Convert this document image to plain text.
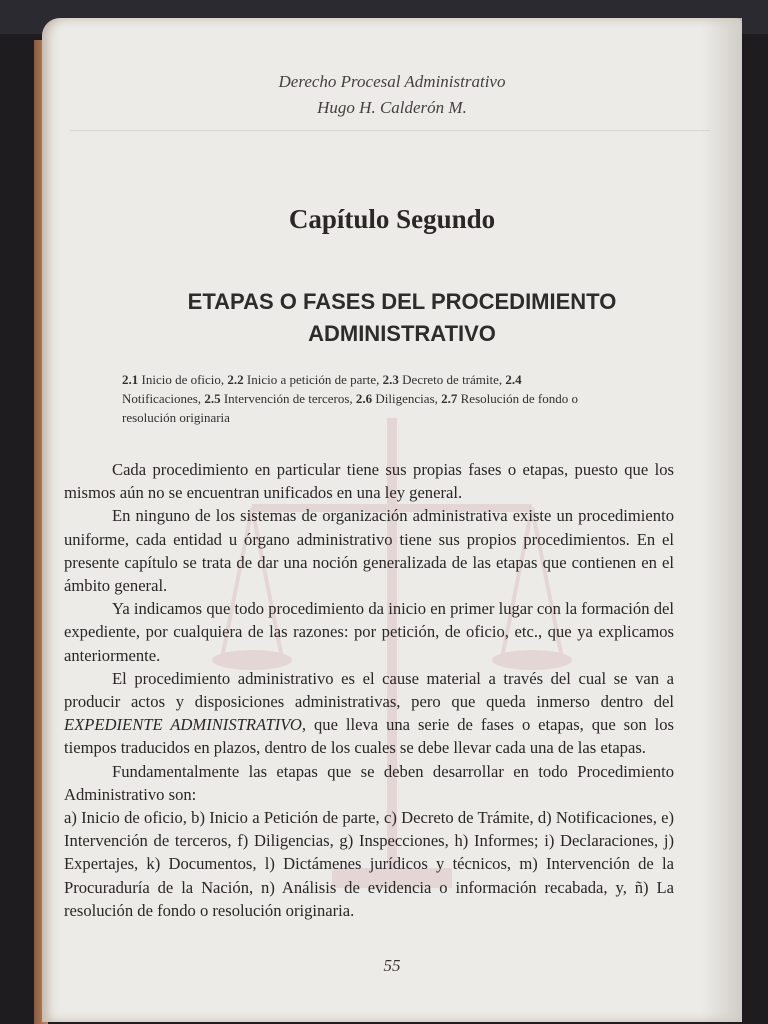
Derecho Procesal Administrativo
Hugo H. Calderón M.
Capítulo Segundo
ETAPAS O FASES DEL PROCEDIMIENTO
ADMINISTRATIVO
2.1 Inicio de oficio, 2.2 Inicio a petición de parte, 2.3 Decreto de trámite, 2.4 Notificaciones, 2.5 Intervención de terceros, 2.6 Diligencias, 2.7 Resolución de fondo o resolución originaria

Cada procedimiento en particular tiene sus propias fases o etapas, puesto que los mismos aún no se encuentran unificados en una ley general.

En ninguno de los sistemas de organización administrativa existe un procedimiento uniforme, cada entidad u órgano administrativo tiene sus propios procedimientos. En el presente capítulo se trata de dar una noción generalizada de las etapas que contienen en el ámbito general.

Ya indicamos que todo procedimiento da inicio en primer lugar con la formación del expediente, por cualquiera de las razones: por petición, de oficio, etc., que ya explicamos anteriormente.

El procedimiento administrativo es el cause material a través del cual se van a producir actos y disposiciones administrativas, pero que queda inmerso dentro del EXPEDIENTE ADMINISTRATIVO, que lleva una serie de fases o etapas, que son los tiempos traducidos en plazos, dentro de los cuales se debe llevar cada una de las etapas.

Fundamentalmente las etapas que se deben desarrollar en todo Procedimiento Administrativo son:

a) Inicio de oficio, b) Inicio a Petición de parte, c) Decreto de Trámite, d) Notificaciones, e) Intervención de terceros, f) Diligencias, g) Inspecciones, h) Informes; i) Declaraciones, j) Expertajes, k) Documentos, l) Dictámenes jurídicos y técnicos, m) Intervención de la Procuraduría de la Nación, n) Análisis de evidencia o información recabada, y, ñ) La resolución de fondo o resolución originaria.

55
